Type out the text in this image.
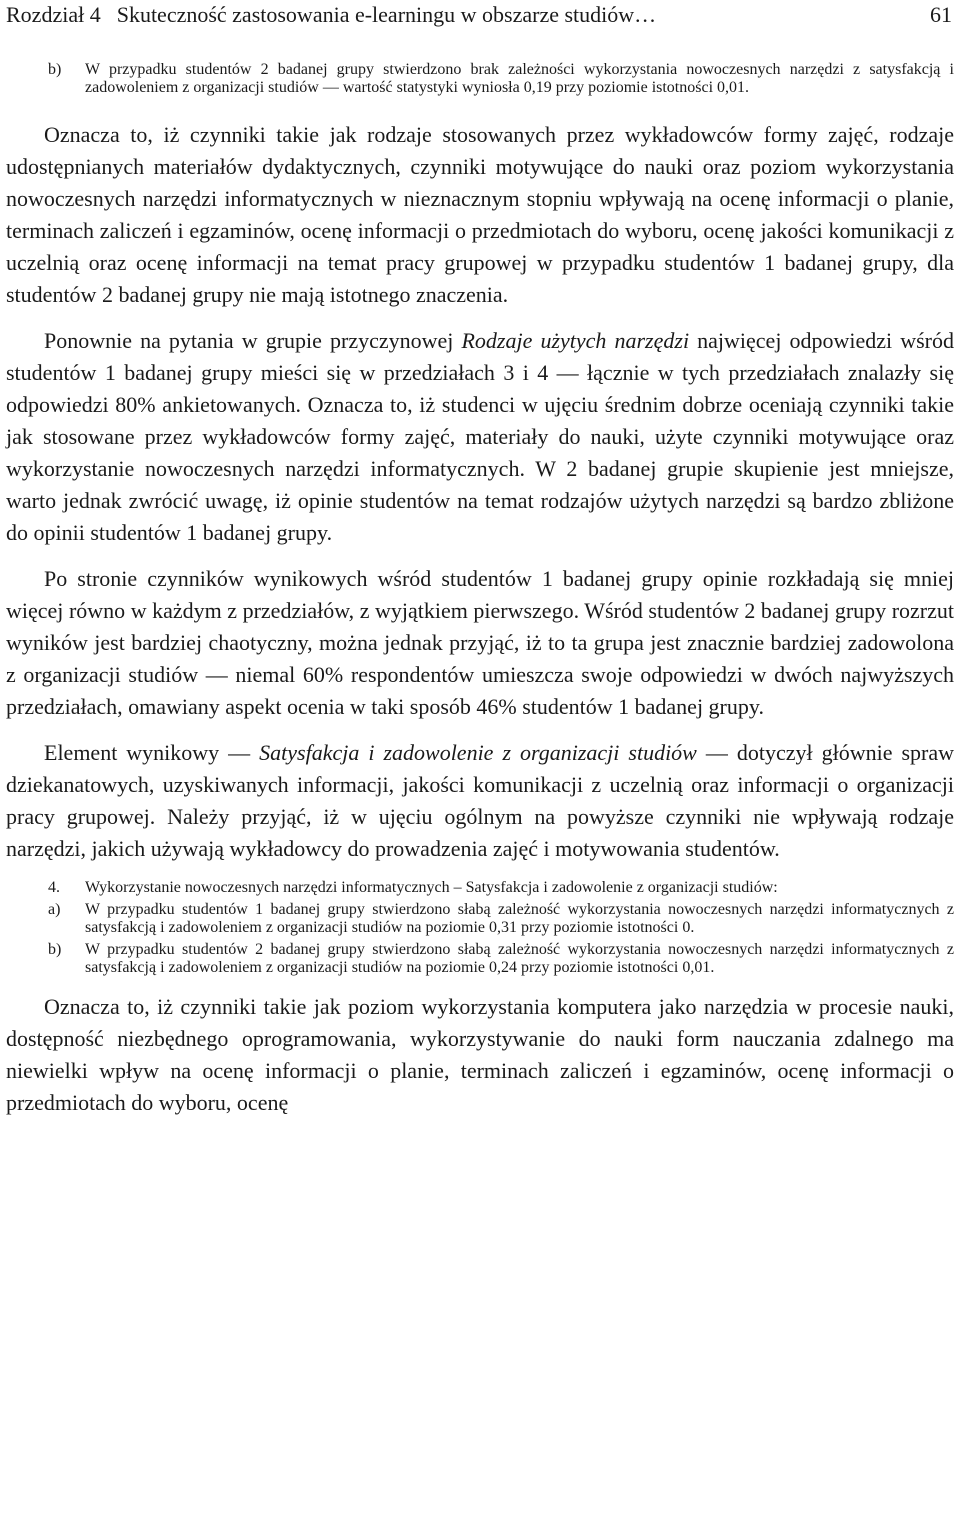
Rozdział 4 Skuteczność zastosowania e-learningu w obszarze studiów…	61
b)	W przypadku studentów 2 badanej grupy stwierdzono brak zależności wykorzystania nowoczesnych narzędzi z satysfakcją i zadowoleniem z organizacji studiów — wartość statystyki wyniosła 0,19 przy poziomie istotności 0,01.

Oznacza to, iż czynniki takie jak rodzaje stosowanych przez wykładowców formy zajęć, rodzaje udostępnianych materiałów dydaktycznych, czynniki motywujące do nauki oraz poziom wykorzystania nowoczesnych narzędzi informatycznych w nieznacznym stopniu wpływają na ocenę informacji o planie, terminach zaliczeń i egzaminów, ocenę informacji o przedmiotach do wyboru, ocenę jakości komunikacji z uczelnią oraz ocenę informacji na temat pracy grupowej w przypadku studentów 1 badanej grupy, dla studentów 2 badanej grupy nie mają istotnego znaczenia.

Ponownie na pytania w grupie przyczynowej Rodzaje użytych narzędzi najwięcej odpowiedzi wśród studentów 1 badanej grupy mieści się w przedziałach 3 i 4 — łącznie w tych przedziałach znalazły się odpowiedzi 80% ankietowanych. Oznacza to, iż studenci w ujęciu średnim dobrze oceniają czynniki takie jak stosowane przez wykładowców formy zajęć, materiały do nauki, użyte czynniki motywujące oraz wykorzystanie nowoczesnych narzędzi informatycznych. W 2 badanej grupie skupienie jest mniejsze, warto jednak zwrócić uwagę, iż opinie studentów na temat rodzajów użytych narzędzi są bardzo zbliżone do opinii studentów 1 badanej grupy.

Po stronie czynników wynikowych wśród studentów 1 badanej grupy opinie rozkładają się mniej więcej równo w każdym z przedziałów, z wyjątkiem pierwszego. Wśród studentów 2 badanej grupy rozrzut wyników jest bardziej chaotyczny, można jednak przyjąć, iż to ta grupa jest znacznie bardziej zadowolona z organizacji studiów — niemal 60% respondentów umieszcza swoje odpowiedzi w dwóch najwyższych przedziałach, omawiany aspekt ocenia w taki sposób 46% studentów 1 badanej grupy.

Element wynikowy — Satysfakcja i zadowolenie z organizacji studiów — dotyczył głównie spraw dziekanatowych, uzyskiwanych informacji, jakości komunikacji z uczelnią oraz informacji o organizacji pracy grupowej. Należy przyjąć, iż w ujęciu ogólnym na powyższe czynniki nie wpływają rodzaje narzędzi, jakich używają wykładowcy do prowadzenia zajęć i motywowania studentów.

4.	Wykorzystanie nowoczesnych narzędzi informatycznych – Satysfakcja i zadowolenie z organizacji studiów:
a)	W przypadku studentów 1 badanej grupy stwierdzono słabą zależność wykorzystania nowoczesnych narzędzi informatycznych z satysfakcją i zadowoleniem z organizacji studiów na poziomie 0,31 przy poziomie istotności 0.
b)	W przypadku studentów 2 badanej grupy stwierdzono słabą zależność wykorzystania nowoczesnych narzędzi informatycznych z satysfakcją i zadowoleniem z organizacji studiów na poziomie 0,24 przy poziomie istotności 0,01.

Oznacza to, iż czynniki takie jak poziom wykorzystania komputera jako narzędzia w procesie nauki, dostępność niezbędnego oprogramowania, wykorzystywanie do nauki form nauczania zdalnego ma niewielki wpływ na ocenę informacji o planie, terminach zaliczeń i egzaminów, ocenę informacji o przedmiotach do wyboru, ocenę
